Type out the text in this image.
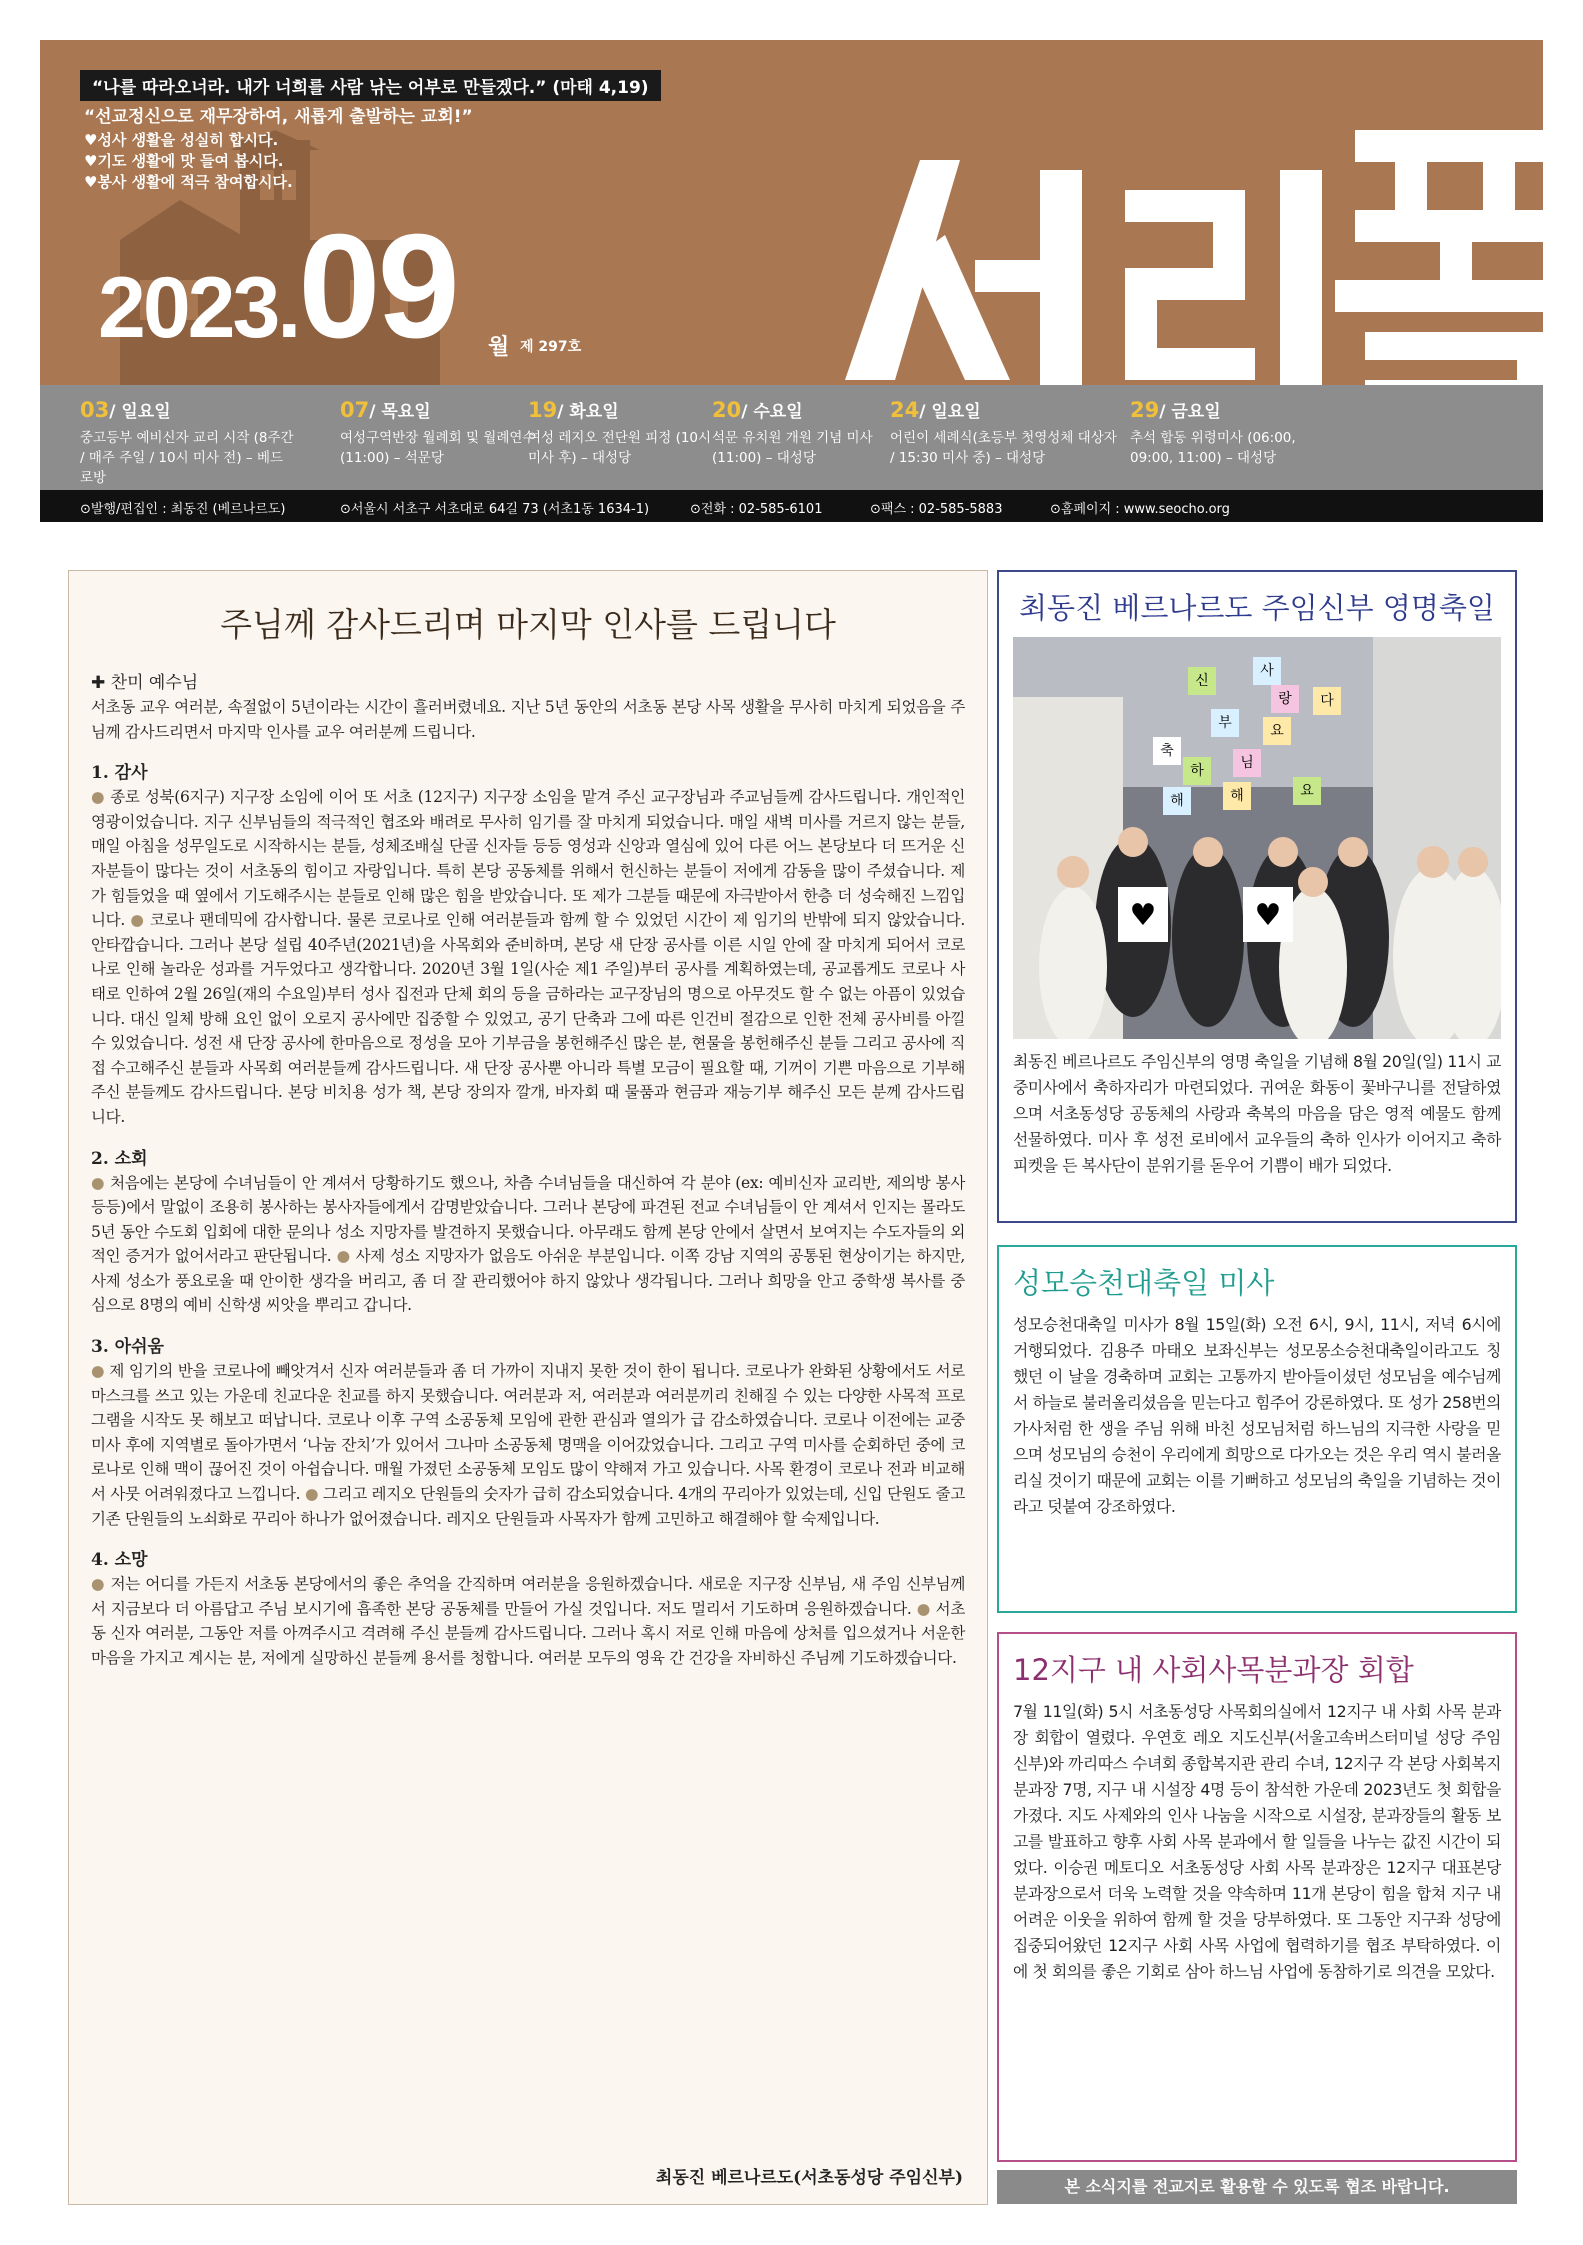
“나를 따라오너라. 내가 너희를 사람 낚는 어부로 만들겠다.” (마태 4,19)
“선교정신으로 재무장하여, 새롭게 출발하는 교회!”
♥성사 생활을 성실히 합시다.
♥기도 생활에 맛 들여 봅시다.
♥봉사 생활에 적극 참여합시다.
2023.09 월 제 297호
03/ 일요일
중고등부 예비신자 교리 시작 (8주간 / 매주 주일 / 10시 미사 전) – 베드로방
07/ 목요일
여성구역반장 월례회 및 월례연수(11:00) – 석문당
19/ 화요일
여성 레지오 전단원 피정 (10시 미사 후) – 대성당
20/ 수요일
석문 유치원 개원 기념 미사 (11:00) – 대성당
24/ 일요일
어린이 세례식(초등부 첫영성체 대상자 / 15:30 미사 중) – 대성당
29/ 금요일
추석 합동 위령미사 (06:00, 09:00, 11:00) – 대성당
⊙발행/편집인 : 최동진 (베르나르도)	⊙서울시 서초구 서초대로 64길 73 (서초1동 1634-1)	⊙전화 : 02-585-6101	⊙팩스 : 02-585-5883	⊙홈페이지 : www.seocho.org
주님께 감사드리며 마지막 인사를 드립니다
✚ 찬미 예수님

서초동 교우 여러분, 속절없이 5년이라는 시간이 흘러버렸네요. 지난 5년 동안의 서초동 본당 사목 생활을 무사히 마치게 되었음을 주님께 감사드리면서 마지막 인사를 교우 여러분께 드립니다.

1. 감사

● 종로 성북(6지구) 지구장 소임에 이어 또 서초 (12지구) 지구장 소임을 맡겨 주신 교구장님과 주교님들께 감사드립니다. 개인적인 영광이었습니다. 지구 신부님들의 적극적인 협조와 배려로 무사히 임기를 잘 마치게 되었습니다. 매일 새벽 미사를 거르지 않는 분들, 매일 아침을 성무일도로 시작하시는 분들, 성체조배실 단골 신자들 등등 영성과 신앙과 열심에 있어 다른 어느 본당보다 더 뜨거운 신자분들이 많다는 것이 서초동의 힘이고 자랑입니다. 특히 본당 공동체를 위해서 헌신하는 분들이 저에게 감동을 많이 주셨습니다. 제가 힘들었을 때 옆에서 기도해주시는 분들로 인해 많은 힘을 받았습니다. 또 제가 그분들 때문에 자극받아서 한층 더 성숙해진 느낌입니다. ● 코로나 팬데믹에 감사합니다. 물론 코로나로 인해 여러분들과 함께 할 수 있었던 시간이 제 임기의 반밖에 되지 않았습니다. 안타깝습니다. 그러나 본당 설립 40주년(2021년)을 사목회와 준비하며, 본당 새 단장 공사를 이른 시일 안에 잘 마치게 되어서 코로나로 인해 놀라운 성과를 거두었다고 생각합니다. 2020년 3월 1일(사순 제1 주일)부터 공사를 계획하였는데, 공교롭게도 코로나 사태로 인하여 2월 26일(재의 수요일)부터 성사 집전과 단체 회의 등을 금하라는 교구장님의 명으로 아무것도 할 수 없는 아픔이 있었습니다. 대신 일체 방해 요인 없이 오로지 공사에만 집중할 수 있었고, 공기 단축과 그에 따른 인건비 절감으로 인한 전체 공사비를 아낄 수 있었습니다. 성전 새 단장 공사에 한마음으로 정성을 모아 기부금을 봉헌해주신 많은 분, 현물을 봉헌해주신 분들 그리고 공사에 직접 수고해주신 분들과 사목회 여러분들께 감사드립니다. 새 단장 공사뿐 아니라 특별 모금이 필요할 때, 기꺼이 기쁜 마음으로 기부해주신 분들께도 감사드립니다. 본당 비치용 성가 책, 본당 장의자 깔개, 바자회 때 물품과 현금과 재능기부 해주신 모든 분께 감사드립니다.

2. 소회

● 처음에는 본당에 수녀님들이 안 계셔서 당황하기도 했으나, 차츰 수녀님들을 대신하여 각 분야 (ex: 예비신자 교리반, 제의방 봉사 등등)에서 말없이 조용히 봉사하는 봉사자들에게서 감명받았습니다. 그러나 본당에 파견된 전교 수녀님들이 안 계셔서 인지는 몰라도 5년 동안 수도회 입회에 대한 문의나 성소 지망자를 발견하지 못했습니다. 아무래도 함께 본당 안에서 살면서 보여지는 수도자들의 외적인 증거가 없어서라고 판단됩니다. ● 사제 성소 지망자가 없음도 아쉬운 부분입니다. 이쪽 강남 지역의 공통된 현상이기는 하지만, 사제 성소가 풍요로울 때 안이한 생각을 버리고, 좀 더 잘 관리했어야 하지 않았나 생각됩니다. 그러나 희망을 안고 중학생 복사를 중심으로 8명의 예비 신학생 씨앗을 뿌리고 갑니다.

3. 아쉬움

● 제 임기의 반을 코로나에 빼앗겨서 신자 여러분들과 좀 더 가까이 지내지 못한 것이 한이 됩니다. 코로나가 완화된 상황에서도 서로 마스크를 쓰고 있는 가운데 친교다운 친교를 하지 못했습니다. 여러분과 저, 여러분과 여러분끼리 친해질 수 있는 다양한 사목적 프로그램을 시작도 못 해보고 떠납니다. 코로나 이후 구역 소공동체 모임에 관한 관심과 열의가 급 감소하였습니다. 코로나 이전에는 교중 미사 후에 지역별로 돌아가면서 ‘나눔 잔치’가 있어서 그나마 소공동체 명맥을 이어갔었습니다. 그리고 구역 미사를 순회하던 중에 코로나로 인해 맥이 끊어진 것이 아쉽습니다. 매월 가졌던 소공동체 모임도 많이 약해져 가고 있습니다. 사목 환경이 코로나 전과 비교해서 사뭇 어려워졌다고 느낍니다. ● 그리고 레지오 단원들의 숫자가 급히 감소되었습니다. 4개의 꾸리아가 있었는데, 신입 단원도 줄고 기존 단원들의 노쇠화로 꾸리아 하나가 없어졌습니다. 레지오 단원들과 사목자가 함께 고민하고 해결해야 할 숙제입니다.

4. 소망

● 저는 어디를 가든지 서초동 본당에서의 좋은 추억을 간직하며 여러분을 응원하겠습니다. 새로운 지구장 신부님, 새 주임 신부님께서 지금보다 더 아름답고 주님 보시기에 흡족한 본당 공동체를 만들어 가실 것입니다. 저도 멀리서 기도하며 응원하겠습니다. ● 서초동 신자 여러분, 그동안 저를 아껴주시고 격려해 주신 분들께 감사드립니다. 그러나 혹시 저로 인해 마음에 상처를 입으셨거나 서운한 마음을 가지고 계시는 분, 저에게 실망하신 분들께 용서를 청합니다. 여러분 모두의 영육 간 건강을 자비하신 주님께 기도하겠습니다.

최동진 베르나르도(서초동성당 주임신부)
최동진 베르나르도 주임신부 영명축일
♥	♥
신
부
님
축
하
해
요
사
랑
해	요
다

최동진 베르나르도 주임신부의 영명 축일을 기념해 8월 20일(일) 11시 교중미사에서 축하자리가 마련되었다. 귀여운 화동이 꽃바구니를 전달하였으며 서초동성당 공동체의 사랑과 축복의 마음을 담은 영적 예물도 함께 선물하였다. 미사 후 성전 로비에서 교우들의 축하 인사가 이어지고 축하 피켓을 든 복사단이 분위기를 돋우어 기쁨이 배가 되었다.

성모승천대축일 미사

성모승천대축일 미사가 8월 15일(화) 오전 6시, 9시, 11시, 저녁 6시에 거행되었다. 김용주 마태오 보좌신부는 성모몽소승천대축일이라고도 칭했던 이 날을 경축하며 교회는 고통까지 받아들이셨던 성모님을 예수님께서 하늘로 불러올리셨음을 믿는다고 힘주어 강론하였다. 또 성가 258번의 가사처럼 한 생을 주님 위해 바친 성모님처럼 하느님의 지극한 사랑을 믿으며 성모님의 승천이 우리에게 희망으로 다가오는 것은 우리 역시 불러올리실 것이기 때문에 교회는 이를 기뻐하고 성모님의 축일을 기념하는 것이라고 덧붙여 강조하였다.

12지구 내 사회사목분과장 회합

7월 11일(화) 5시 서초동성당 사목회의실에서 12지구 내 사회 사목 분과장 회합이 열렸다. 우연호 레오 지도신부(서울고속버스터미널 성당 주임신부)와 까리따스 수녀회 종합복지관 관리 수녀, 12지구 각 본당 사회복지 분과장 7명, 지구 내 시설장 4명 등이 참석한 가운데 2023년도 첫 회합을 가졌다. 지도 사제와의 인사 나눔을 시작으로 시설장, 분과장들의 활동 보고를 발표하고 향후 사회 사목 분과에서 할 일들을 나누는 값진 시간이 되었다. 이승권 메토디오 서초동성당 사회 사목 분과장은 12지구 대표본당 분과장으로서 더욱 노력할 것을 약속하며 11개 본당이 힘을 합쳐 지구 내 어려운 이웃을 위하여 함께 할 것을 당부하였다. 또 그동안 지구좌 성당에 집중되어왔던 12지구 사회 사목 사업에 협력하기를 협조 부탁하였다. 이에 첫 회의를 좋은 기회로 삼아 하느님 사업에 동참하기로 의견을 모았다.

본 소식지를 전교지로 활용할 수 있도록 협조 바랍니다.
